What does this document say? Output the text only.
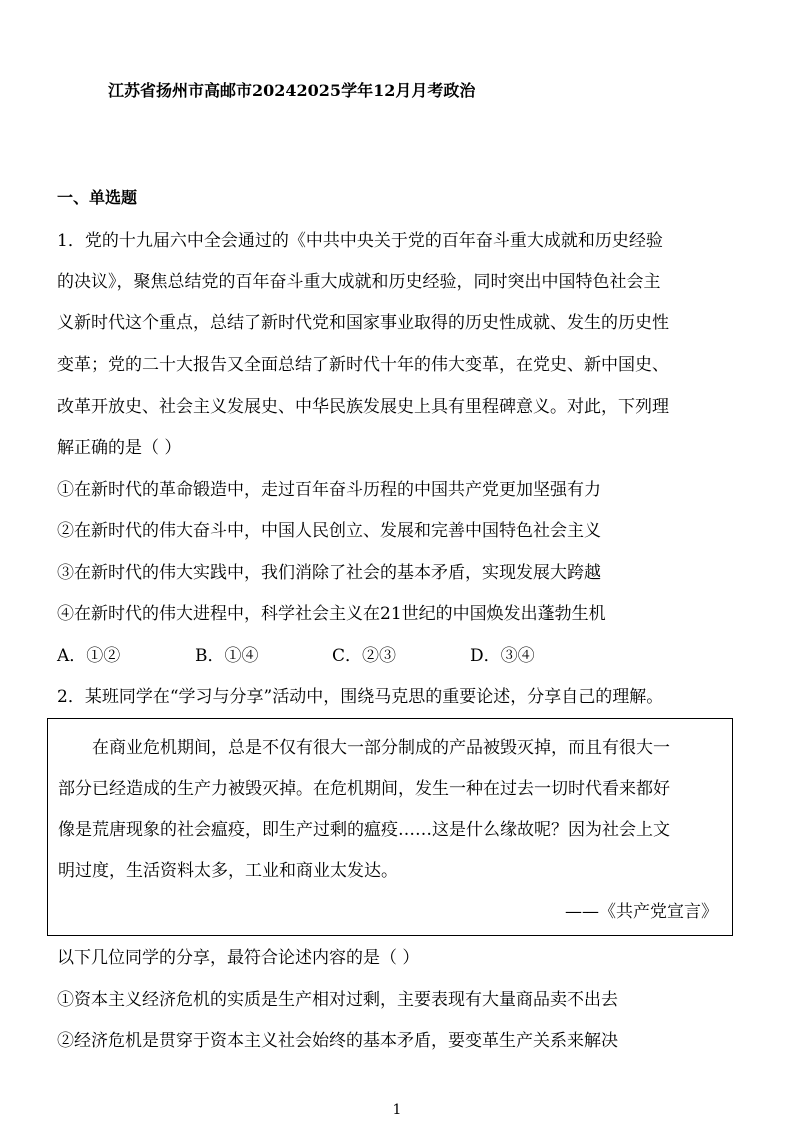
江苏省扬州市高邮市20242025学年12月月考政治
一、单选题
1．党的十九届六中全会通过的《中共中央关于党的百年奋斗重大成就和历史经验
的决议》，聚焦总结党的百年奋斗重大成就和历史经验，同时突出中国特色社会主
义新时代这个重点，总结了新时代党和国家事业取得的历史性成就、发生的历史性
变革；党的二十大报告又全面总结了新时代十年的伟大变革，在党史、新中国史、
改革开放史、社会主义发展史、中华民族发展史上具有里程碑意义。对此，下列理
解正确的是（ ）
①在新时代的革命锻造中，走过百年奋斗历程的中国共产党更加坚强有力
②在新时代的伟大奋斗中，中国人民创立、发展和完善中国特色社会主义
③在新时代的伟大实践中，我们消除了社会的基本矛盾，实现发展大跨越
④在新时代的伟大进程中，科学社会主义在21世纪的中国焕发出蓬勃生机
A．①②	B．①④	C．②③	D．③④
2．某班同学在“学习与分享”活动中，围绕马克思的重要论述，分享自己的理解。
在商业危机期间，总是不仅有很大一部分制成的产品被毁灭掉，而且有很大一
部分已经造成的生产力被毁灭掉。在危机期间，发生一种在过去一切时代看来都好
像是荒唐现象的社会瘟疫，即生产过剩的瘟疫……这是什么缘故呢？因为社会上文
明过度，生活资料太多，工业和商业太发达。
——《共产党宣言》
以下几位同学的分享，最符合论述内容的是（ ）
①资本主义经济危机的实质是生产相对过剩，主要表现有大量商品卖不出去
②经济危机是贯穿于资本主义社会始终的基本矛盾，要变革生产关系来解决
1
